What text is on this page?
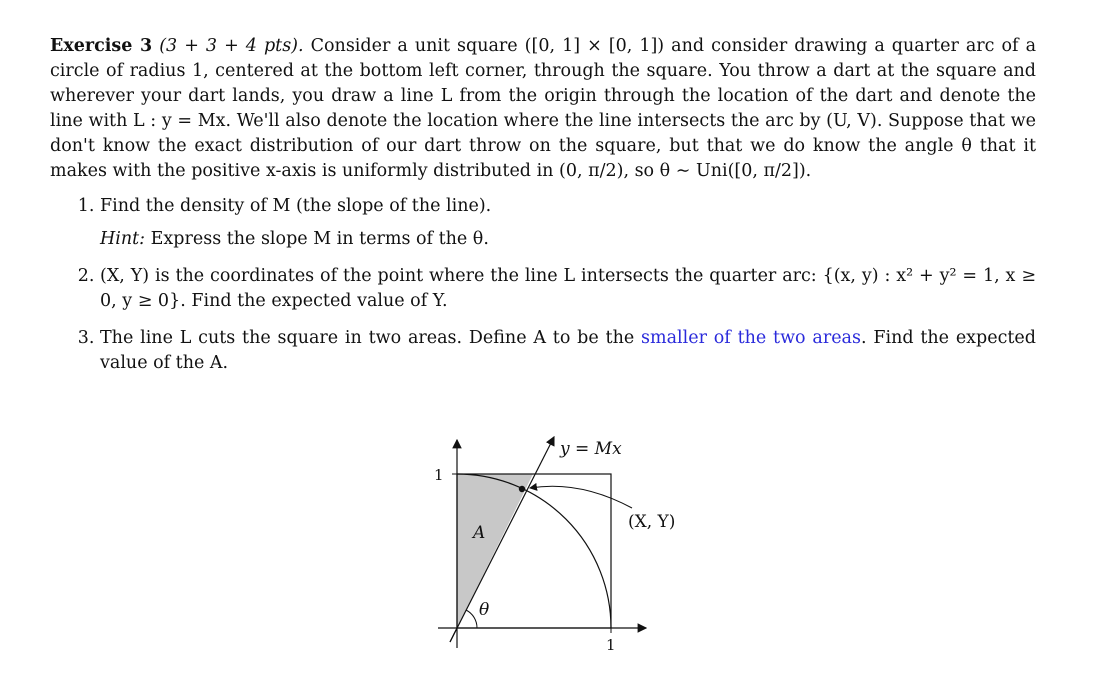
Exercise 3 (3 + 3 + 4 pts). Consider a unit square ([0, 1] × [0, 1]) and consider drawing a quarter arc of a circle of radius 1, centered at the bottom left corner, through the square. You throw a dart at the square and wherever your dart lands, you draw a line L from the origin through the location of the dart and denote the line with L : y = Mx. We'll also denote the location where the line intersects the arc by (U, V). Suppose that we don't know the exact distribution of our dart throw on the square, but that we do know the angle θ that it makes with the positive x-axis is uniformly distributed in (0, π/2), so θ ∼ Uni([0, π/2]).

1. Find the density of M (the slope of the line).
Hint: Express the slope M in terms of the θ.
2. (X, Y) is the coordinates of the point where the line L intersects the quarter arc: {(x, y) : x² + y² = 1, x ≥ 0, y ≥ 0}. Find the expected value of Y.
3. The line L cuts the square in two areas. Define A to be the smaller of the two areas. Find the expected value of the A.
1
1
y = Mx
(X, Y)
A
θ
